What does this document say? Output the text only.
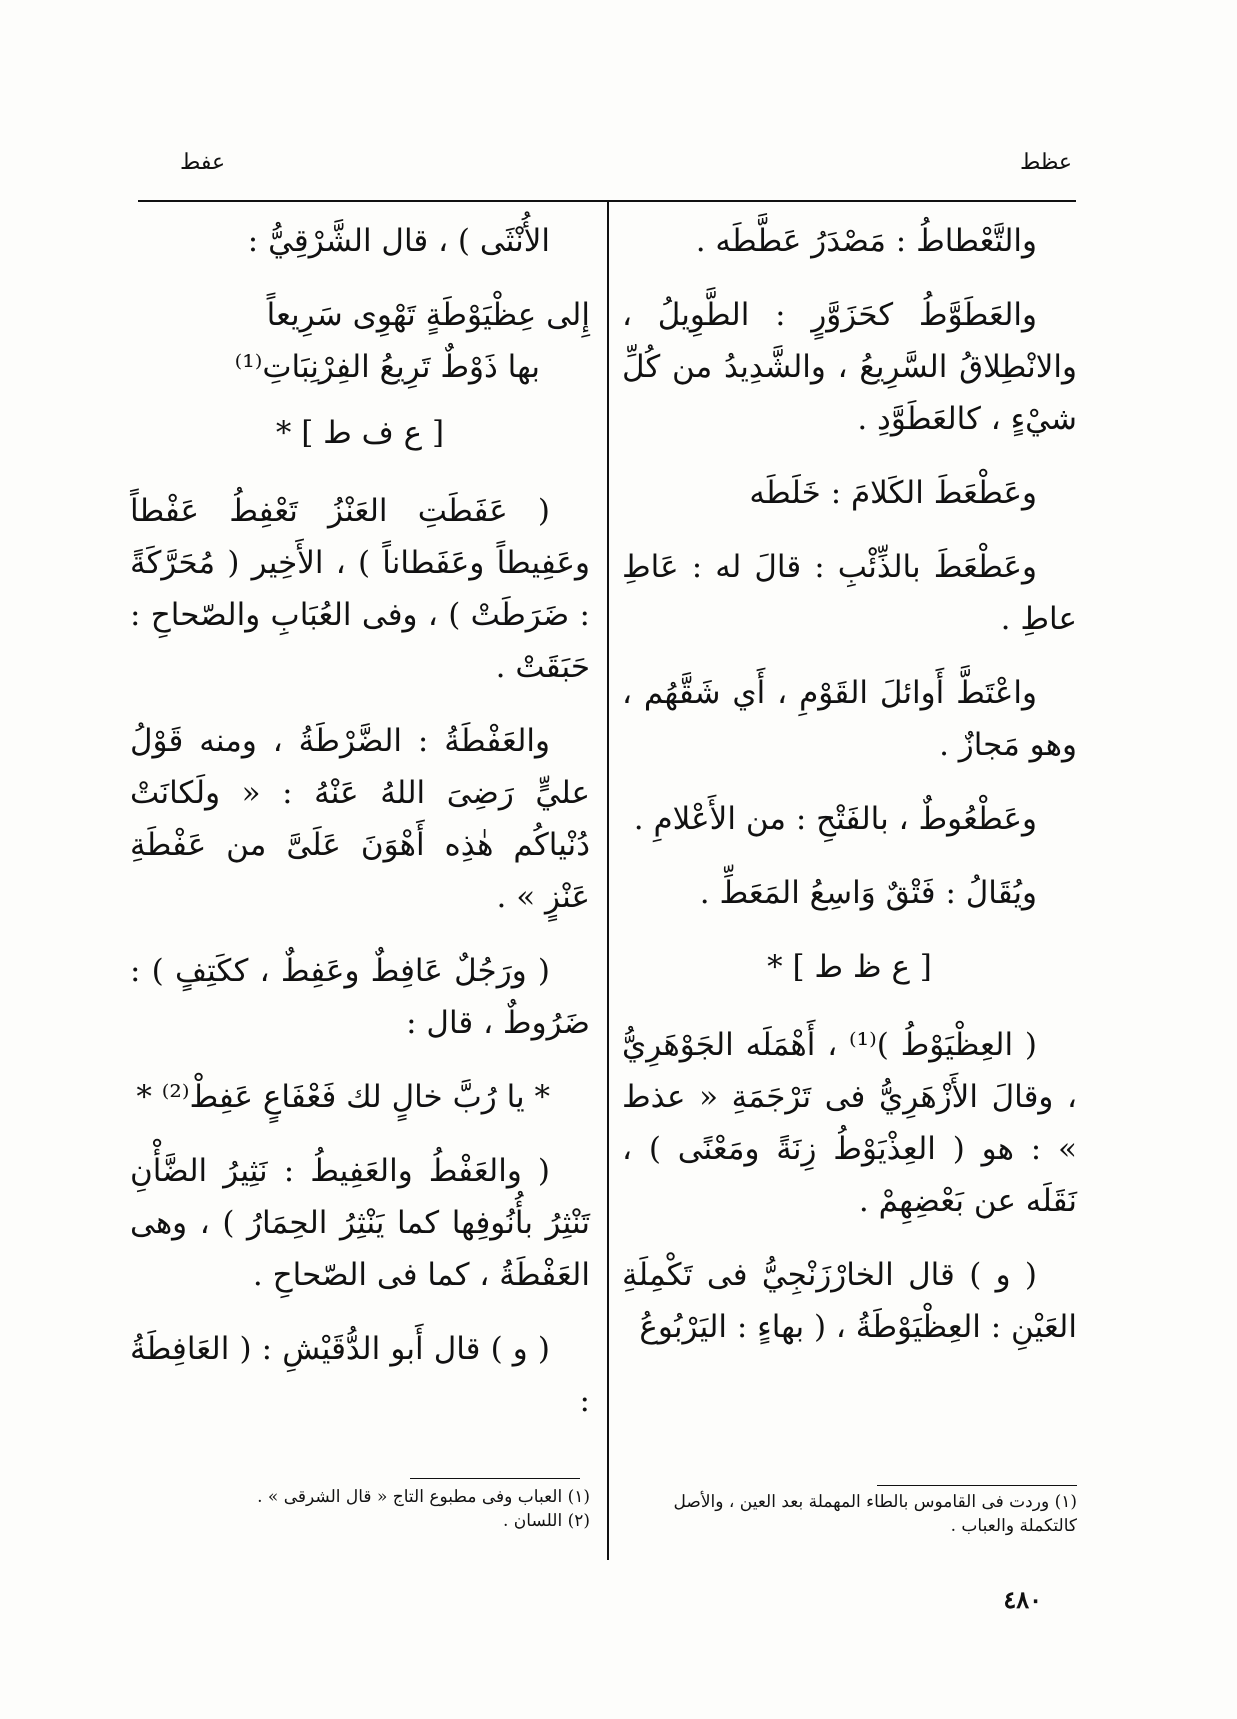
عظط
عفط

والتَّعْطاطُ : مَصْدَرُ عَطَّطَه .

والعَطَوَّطُ كحَزَوَّرٍ : الطَّوِيلُ ، والانْطِلاقُ السَّرِيعُ ، والشَّدِيدُ من كُلِّ شيْءٍ ، كالعَطَوَّدِ .

وعَطْعَطَ الكَلامَ : خَلَطَه

وعَطْعَطَ بالذِّئْبِ : قالَ له : عَاطِ عاطِ .

واعْتَطَّ أَوائلَ القَوْمِ ، أَي شَقَّهُم ، وهو مَجازٌ .

وعَطْعُوطٌ ، بالفَتْحِ : من الأَعْلامِ .

ويُقَالُ : فَتْقٌ وَاسِعُ المَعَطِّ .

[ ع ظ ط ] *

( العِظْيَوْطُ )⁽¹⁾ ، أَهْمَلَه الجَوْهَرِيُّ ، وقالَ الأَزْهَرِيُّ فى تَرْجَمَةِ « عذط » : هو ( العِذْيَوْطُ زِنَةً ومَعْنًى ) ، نَقَلَه عن بَعْضِهِمْ .

( و ) قال الخارْزَنْجِيُّ فى تَكْمِلَةِ العَيْنِ : العِظْيَوْطَةُ ، ( بهاءٍ : اليَرْبُوعُ

الأُنْثَى ) ، قال الشَّرْقِيُّ :

إِلى عِظْيَوْطَةٍ تَهْوِى سَرِيعاً
بها ذَوْطٌ تَرِيعُ الفِرْنِبَاتِ⁽¹⁾
[ ع ف ط ] *

( عَفَطَتِ العَنْزُ تَعْفِطُ عَفْطاً وعَفِيطاً وعَفَطاناً ) ، الأَخِير ( مُحَرَّكَةً : ضَرَطَتْ ) ، وفى العُبَابِ والصّحاحِ : حَبَقَتْ .

والعَفْطَةُ : الضَّرْطَةُ ، ومنه قَوْلُ عليٍّ رَضِىَ اللهُ عَنْهُ : « ولَكانَتْ دُنْياكُم هٰذِه أَهْوَنَ عَلَىَّ من عَفْطَةِ عَنْزٍ » .

( ورَجُلٌ عَافِطٌ وعَفِطٌ ، ككَتِفٍ ) : ضَرُوطٌ ، قال :

* يا رُبَّ خالٍ لك فَعْفَاعٍ عَفِطْ⁽²⁾ *

( والعَفْطُ والعَفِيطُ : نَثِيرُ الضَّأْنِ تَنْثِرُ بأُنُوفِها كما يَنْثِرُ الحِمَارُ ) ، وهى العَفْطَةُ ، كما فى الصّحاحِ .

( و ) قال أَبو الدُّقَيْشِ : ( العَافِطَةُ :

(١) وردت فى القاموس بالطاء المهملة بعد العين ، والأصل كالتكملة والعباب .
(١) العباب وفى مطبوع التاج « قال الشرقى » .
(٢) اللسان .
٤٨٠
